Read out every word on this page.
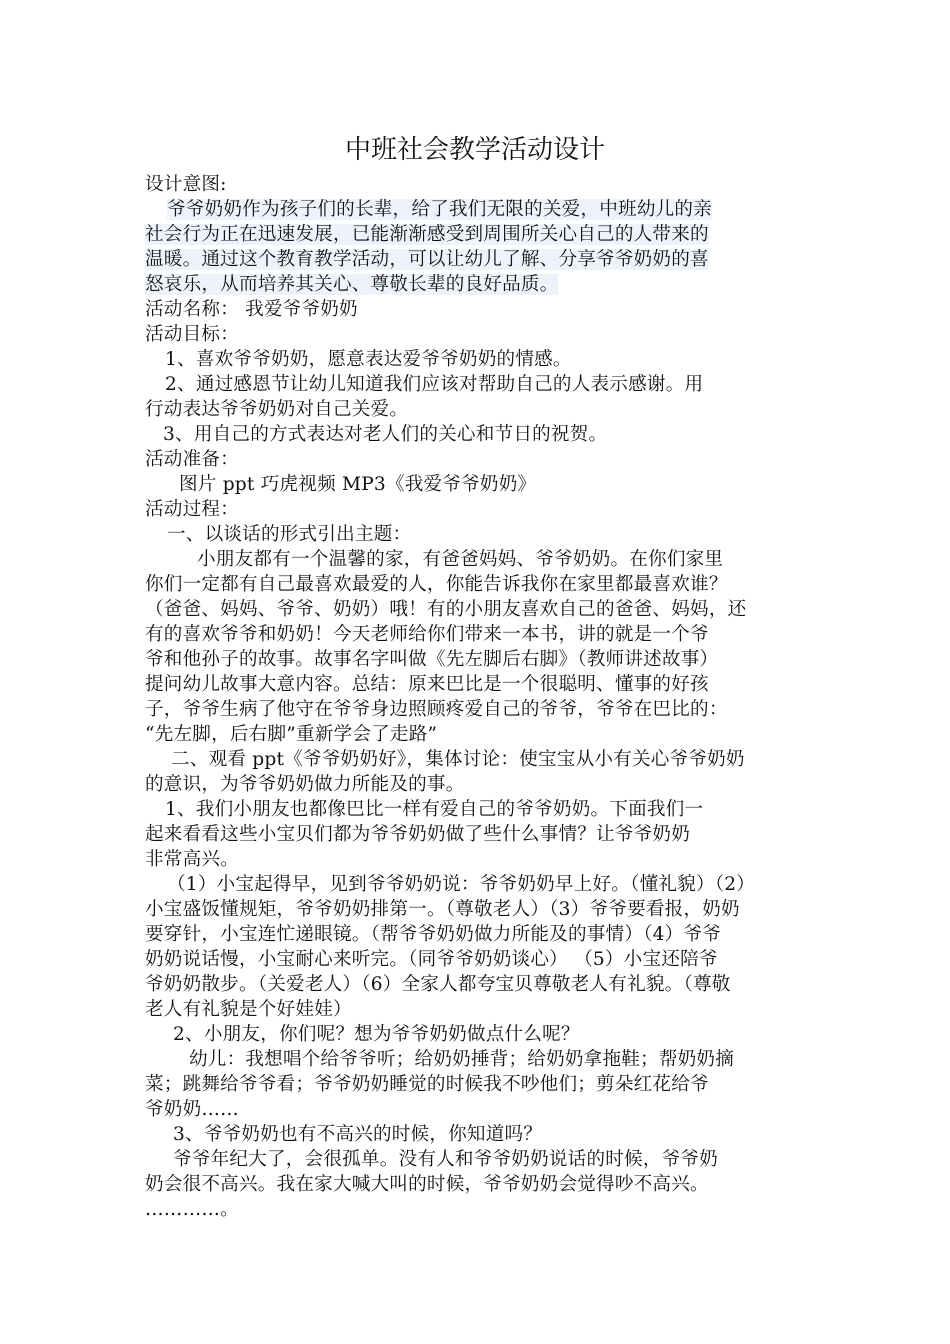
中班社会教学活动设计
设计意图:
爷爷奶奶作为孩子们的长辈，给了我们无限的关爱，中班幼儿的亲
社会行为正在迅速发展，已能渐渐感受到周围所关心自己的人带来的
温暖。通过这个教育教学活动，可以让幼儿了解、分享爷爷奶奶的喜
怒哀乐，从而培养其关心、尊敬长辈的良好品质。
活动名称： 我爱爷爷奶奶
活动目标：
1、喜欢爷爷奶奶，愿意表达爱爷爷奶奶的情感。
2、通过感恩节让幼儿知道我们应该对帮助自己的人表示感谢。用
行动表达爷爷奶奶对自己关爱。
3、用自己的方式表达对老人们的关心和节日的祝贺。
活动准备：
图片 ppt 巧虎视频 MP3《我爱爷爷奶奶》
活动过程：
一、以谈话的形式引出主题：
小朋友都有一个温馨的家，有爸爸妈妈、爷爷奶奶。在你们家里
你们一定都有自己最喜欢最爱的人，你能告诉我你在家里都最喜欢谁？
（爸爸、妈妈、爷爷、奶奶）哦！有的小朋友喜欢自己的爸爸、妈妈，还
有的喜欢爷爷和奶奶！今天老师给你们带来一本书，讲的就是一个爷
爷和他孙子的故事。故事名字叫做《先左脚后右脚》（教师讲述故事）
提问幼儿故事大意内容。总结：原来巴比是一个很聪明、懂事的好孩
子，爷爷生病了他守在爷爷身边照顾疼爱自己的爷爷，爷爷在巴比的：
“先左脚，后右脚”重新学会了走路”
二、观看 ppt《爷爷奶奶好》，集体讨论：使宝宝从小有关心爷爷奶奶
的意识，为爷爷奶奶做力所能及的事。
1、我们小朋友也都像巴比一样有爱自己的爷爷奶奶。下面我们一
起来看看这些小宝贝们都为爷爷奶奶做了些什么事情？让爷爷奶奶
非常高兴。
（1）小宝起得早，见到爷爷奶奶说：爷爷奶奶早上好。（懂礼貌）（2）
小宝盛饭懂规矩，爷爷奶奶排第一。（尊敬老人）（3）爷爷要看报，奶奶
要穿针，小宝连忙递眼镜。（帮爷爷奶奶做力所能及的事情）（4）爷爷
奶奶说话慢，小宝耐心来听完。（同爷爷奶奶谈心） （5）小宝还陪爷
爷奶奶散步。（关爱老人）（6）全家人都夸宝贝尊敬老人有礼貌。（尊敬
老人有礼貌是个好娃娃）
2、小朋友，你们呢？想为爷爷奶奶做点什么呢？
幼儿：我想唱个给爷爷听；给奶奶捶背；给奶奶拿拖鞋；帮奶奶摘
菜；跳舞给爷爷看；爷爷奶奶睡觉的时候我不吵他们；剪朵红花给爷
爷奶奶……
3、爷爷奶奶也有不高兴的时候，你知道吗？
爷爷年纪大了，会很孤单。没有人和爷爷奶奶说话的时候，爷爷奶
奶会很不高兴。我在家大喊大叫的时候，爷爷奶奶会觉得吵不高兴。
…………。
